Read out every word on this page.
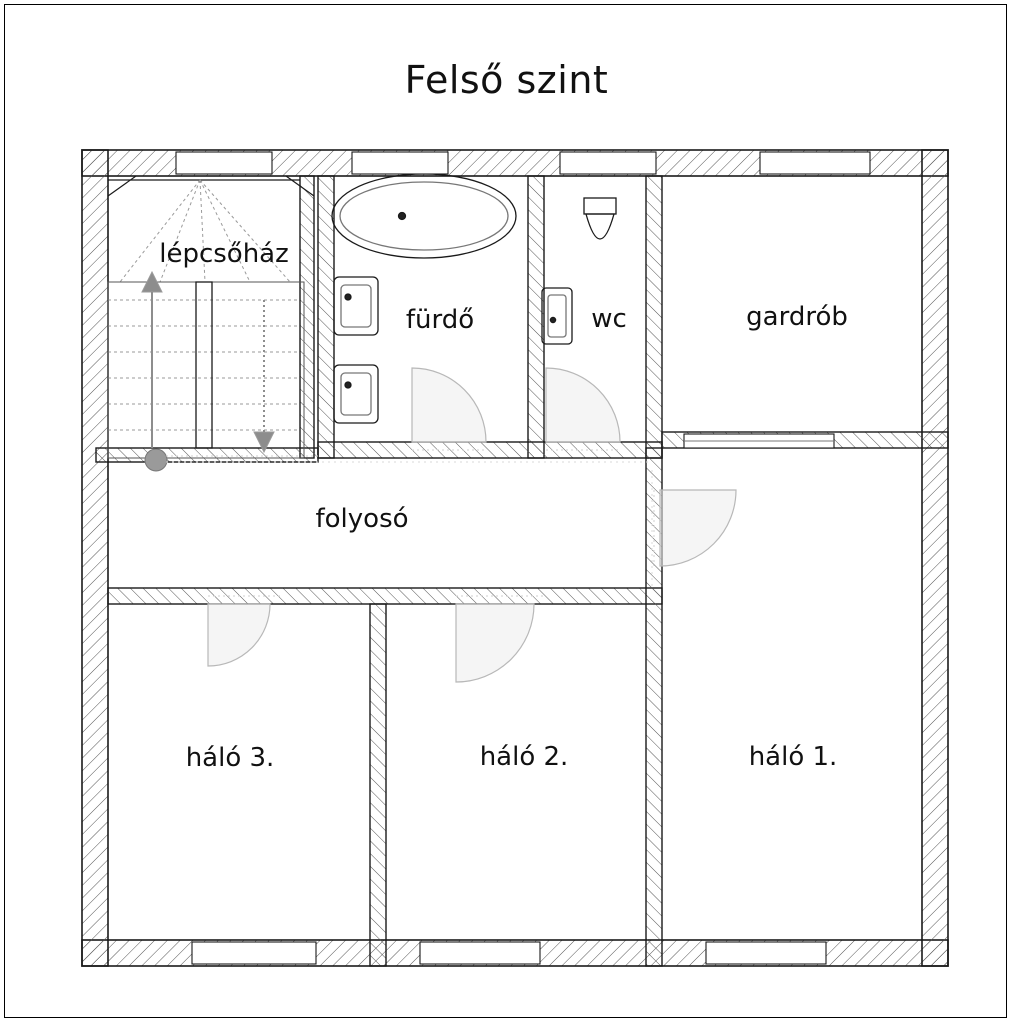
Felső szint
lépcsőház
fürdő	wc	gardrób
folyosó
háló 3.	háló 2.	háló 1.
